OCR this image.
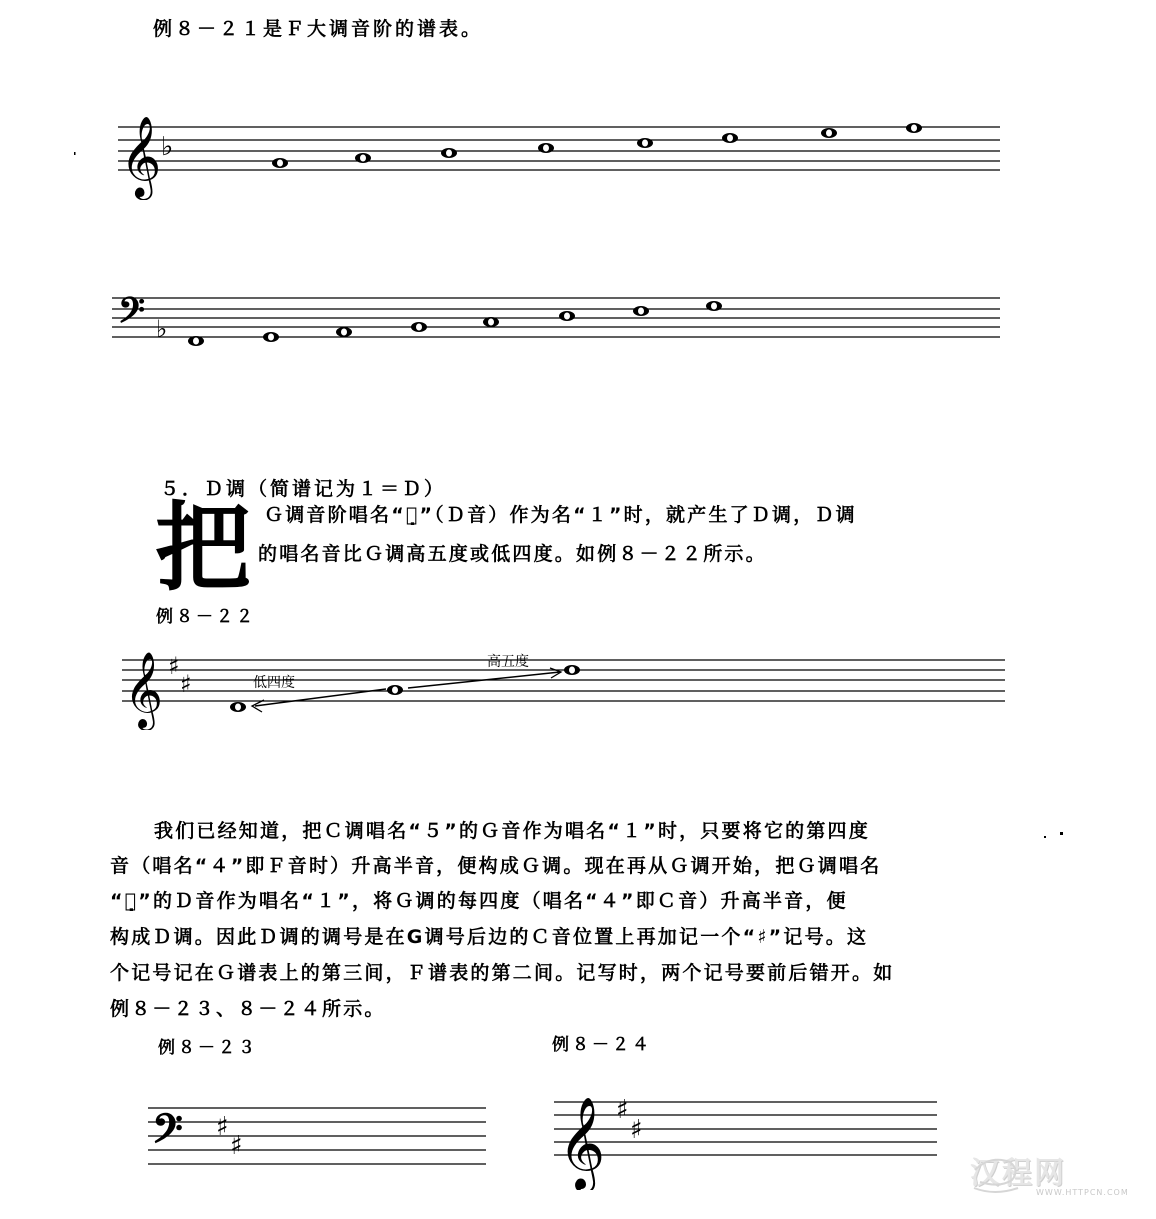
例８－２１是Ｆ大调音阶的谱表。
𝄞 ♭
𝄢 ♭
５．Ｄ调（简谱记为１＝Ｄ）
把 Ｇ调音阶唱名“５̣”（Ｄ音）作为名“１”时，就产生了Ｄ调，Ｄ调
的唱名音比Ｇ调高五度或低四度。如例８－２２所示。
例８－２２
𝄞 ♯
♯	低四度
高五度
我们已经知道，把Ｃ调唱名“５”的Ｇ音作为唱名“１”时，只要将它的第四度
音（唱名“４”即Ｆ音时）升高半音，便构成Ｇ调。现在再从Ｇ调开始，把Ｇ调唱名
“５̣”的Ｄ音作为唱名“１”，将Ｇ调的每四度（唱名“４”即Ｃ音）升高半音，便
构成Ｄ调。因此Ｄ调的调号是在G调号后边的Ｃ音位置上再加记一个“♯”记号。这
个记号记在Ｇ谱表上的第三间，Ｆ谱表的第二间。记写时，两个记号要前后错开。如
例８－２３、８－２４所示。
例８－２３
𝄢 ♯
♯
例８－２４
𝄞 ♯
♯
汉程网
WWW.HTTPCN.COM
